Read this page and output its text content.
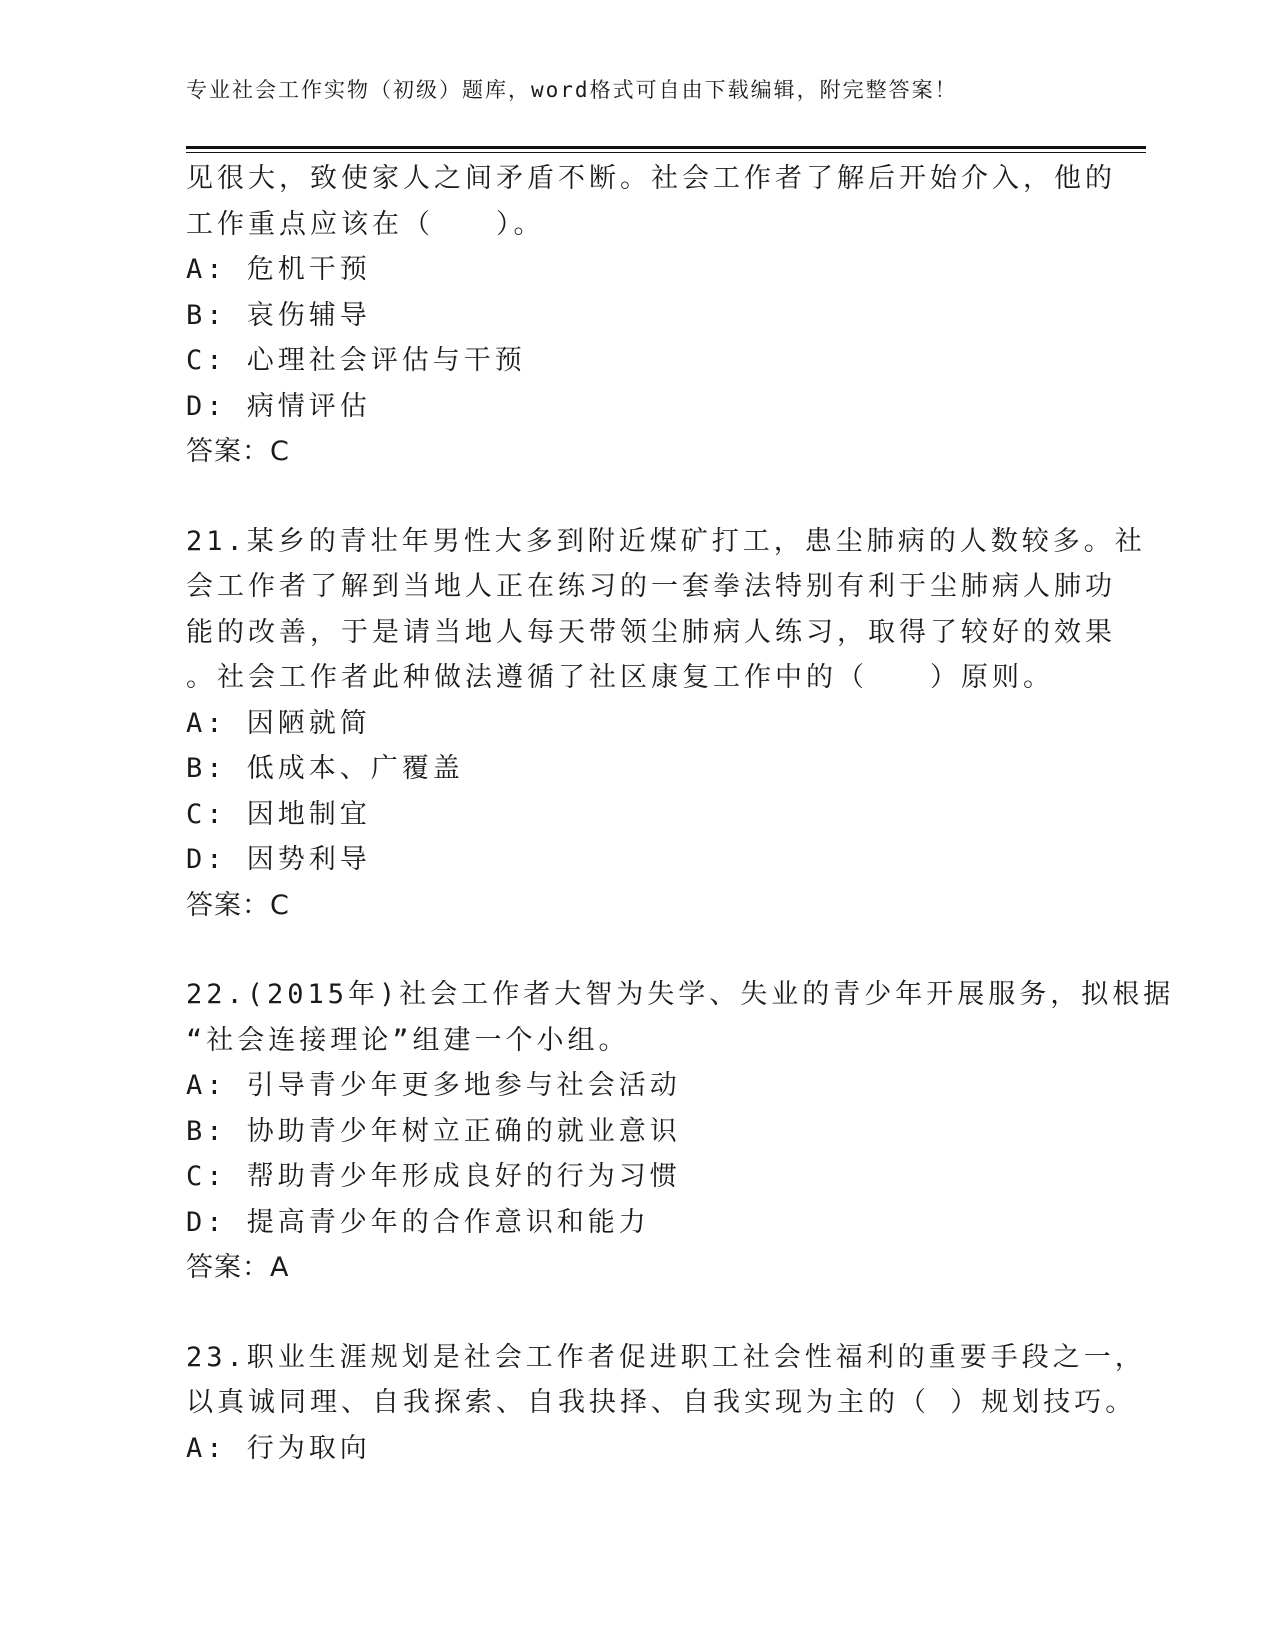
专业社会工作实物（初级）题库，word格式可自由下载编辑，附完整答案！
见很大，致使家人之间矛盾不断。社会工作者了解后开始介入，他的
工作重点应该在（　　）。
A: 危机干预
B: 哀伤辅导
C: 心理社会评估与干预
D: 病情评估
答案：C
21.某乡的青壮年男性大多到附近煤矿打工，患尘肺病的人数较多。社
会工作者了解到当地人正在练习的一套拳法特别有利于尘肺病人肺功
能的改善，于是请当地人每天带领尘肺病人练习，取得了较好的效果
。社会工作者此种做法遵循了社区康复工作中的（　　）原则。
A: 因陋就简
B: 低成本、广覆盖
C: 因地制宜
D: 因势利导
答案：C
22.(2015年)社会工作者大智为失学、失业的青少年开展服务，拟根据
“社会连接理论”组建一个小组。
A: 引导青少年更多地参与社会活动
B: 协助青少年树立正确的就业意识
C: 帮助青少年形成良好的行为习惯
D: 提高青少年的合作意识和能力
答案：A
23.职业生涯规划是社会工作者促进职工社会性福利的重要手段之一，
以真诚同理、自我探索、自我抉择、自我实现为主的（ ）规划技巧。
A: 行为取向
